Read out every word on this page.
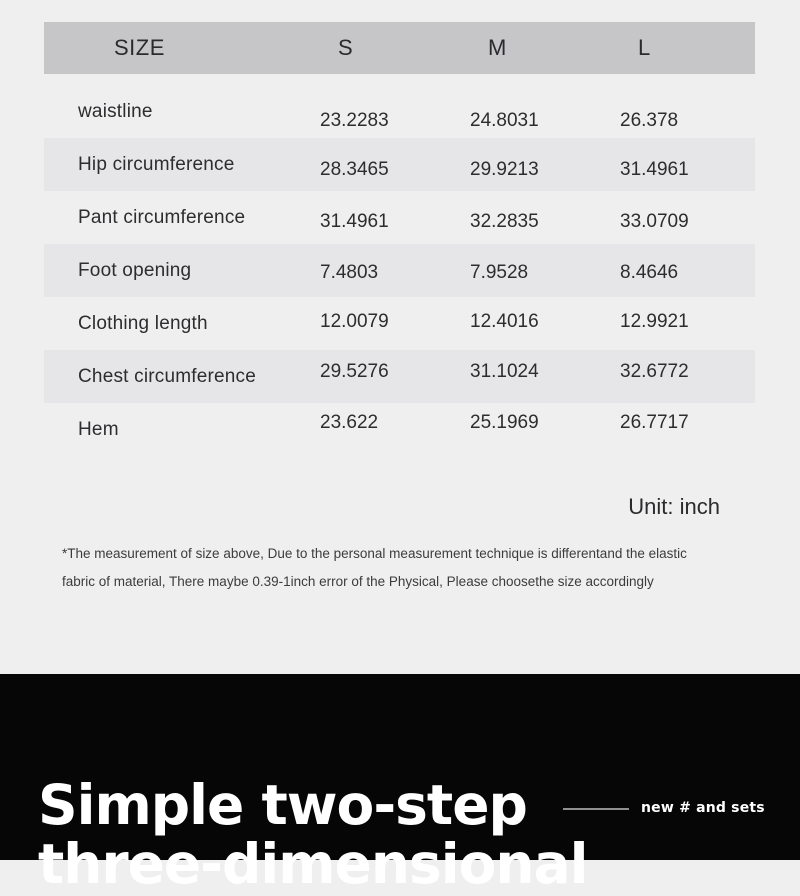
SIZE	S	M	L
waistline	23.2283	24.8031	26.378
Hip circumference	28.3465	29.9213	31.4961
Pant circumference	31.4961	32.2835	33.0709
Foot opening	7.4803	7.9528	8.4646
Clothing length	12.0079	12.4016	12.9921
Chest circumference	29.5276	31.1024	32.6772
Hem	23.622	25.1969	26.7717
Unit: inch
*The measurement of size above, Due to the personal measurement technique is differentand the elastic
fabric of material, There maybe 0.39-1inch error of the Physical, Please choosethe size accordingly
Simple two-step
three-dimensional
new # and sets
